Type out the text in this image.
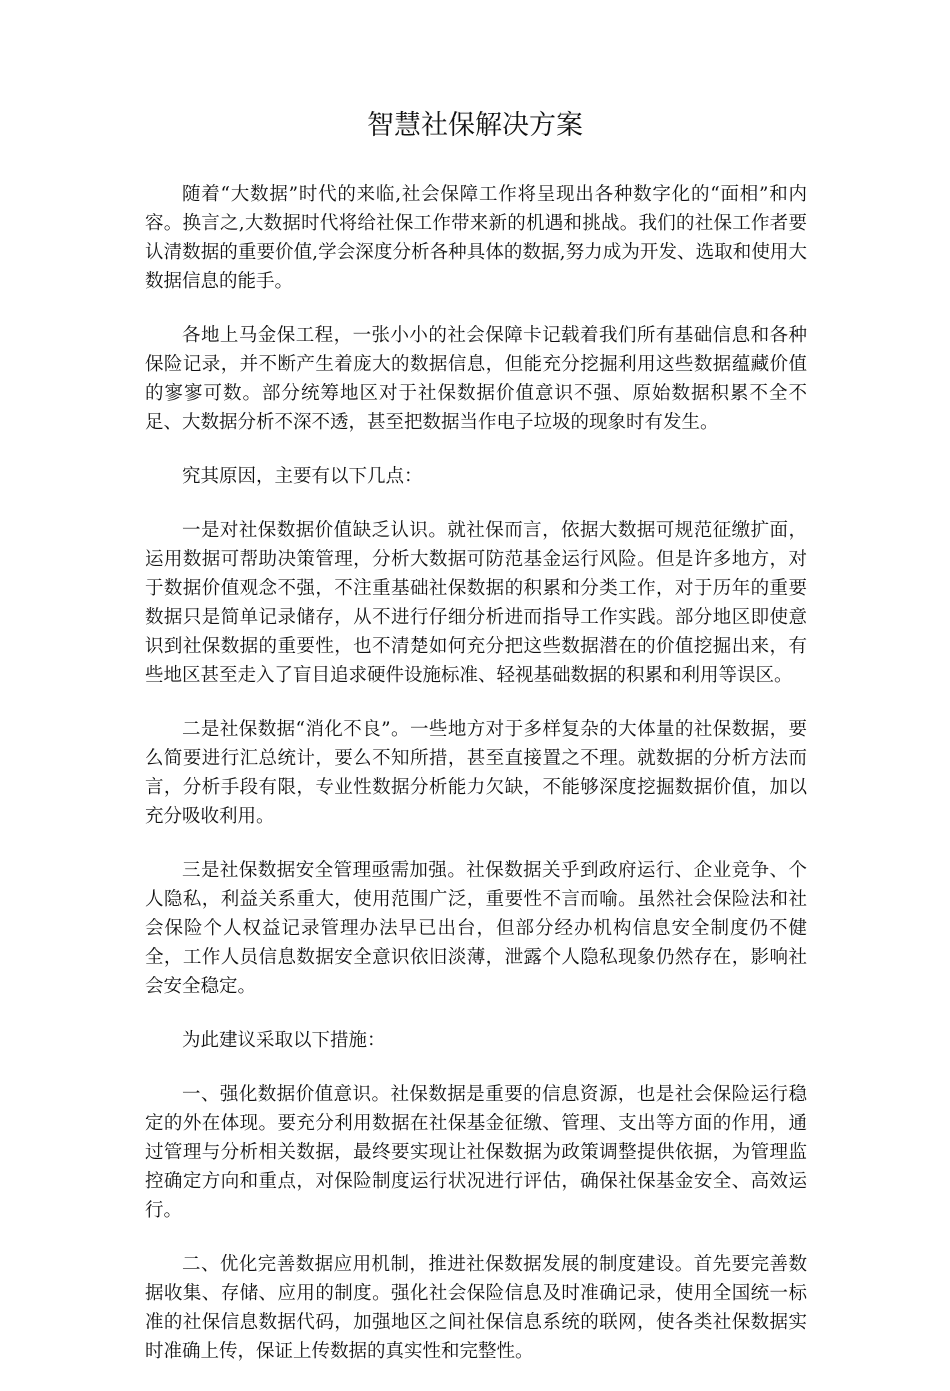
智慧社保解决方案

随着“大数据”时代的来临,社会保障工作将呈现出各种数字化的“面相”和内容。换言之,大数据时代将给社保工作带来新的机遇和挑战。我们的社保工作者要认清数据的重要价值,学会深度分析各种具体的数据,努力成为开发、选取和使用大数据信息的能手。

各地上马金保工程，一张小小的社会保障卡记载着我们所有基础信息和各种保险记录，并不断产生着庞大的数据信息，但能充分挖掘利用这些数据蕴藏价值的寥寥可数。部分统筹地区对于社保数据价值意识不强、原始数据积累不全不足、大数据分析不深不透，甚至把数据当作电子垃圾的现象时有发生。

究其原因，主要有以下几点：

一是对社保数据价值缺乏认识。就社保而言，依据大数据可规范征缴扩面，运用数据可帮助决策管理，分析大数据可防范基金运行风险。但是许多地方，对于数据价值观念不强，不注重基础社保数据的积累和分类工作，对于历年的重要数据只是简单记录储存，从不进行仔细分析进而指导工作实践。部分地区即使意识到社保数据的重要性，也不清楚如何充分把这些数据潜在的价值挖掘出来，有些地区甚至走入了盲目追求硬件设施标准、轻视基础数据的积累和利用等误区。

二是社保数据“消化不良”。一些地方对于多样复杂的大体量的社保数据，要么简要进行汇总统计，要么不知所措，甚至直接置之不理。就数据的分析方法而言，分析手段有限，专业性数据分析能力欠缺，不能够深度挖掘数据价值，加以充分吸收利用。

三是社保数据安全管理亟需加强。社保数据关乎到政府运行、企业竞争、个人隐私，利益关系重大，使用范围广泛，重要性不言而喻。虽然社会保险法和社会保险个人权益记录管理办法早已出台，但部分经办机构信息安全制度仍不健全，工作人员信息数据安全意识依旧淡薄，泄露个人隐私现象仍然存在，影响社会安全稳定。

为此建议采取以下措施：

一、强化数据价值意识。社保数据是重要的信息资源，也是社会保险运行稳定的外在体现。要充分利用数据在社保基金征缴、管理、支出等方面的作用，通过管理与分析相关数据，最终要实现让社保数据为政策调整提供依据，为管理监控确定方向和重点，对保险制度运行状况进行评估，确保社保基金安全、高效运行。

二、优化完善数据应用机制，推进社保数据发展的制度建设。首先要完善数据收集、存储、应用的制度。强化社会保险信息及时准确记录，使用全国统一标准的社保信息数据代码，加强地区之间社保信息系统的联网，使各类社保数据实时准确上传，保证上传数据的真实性和完整性。
